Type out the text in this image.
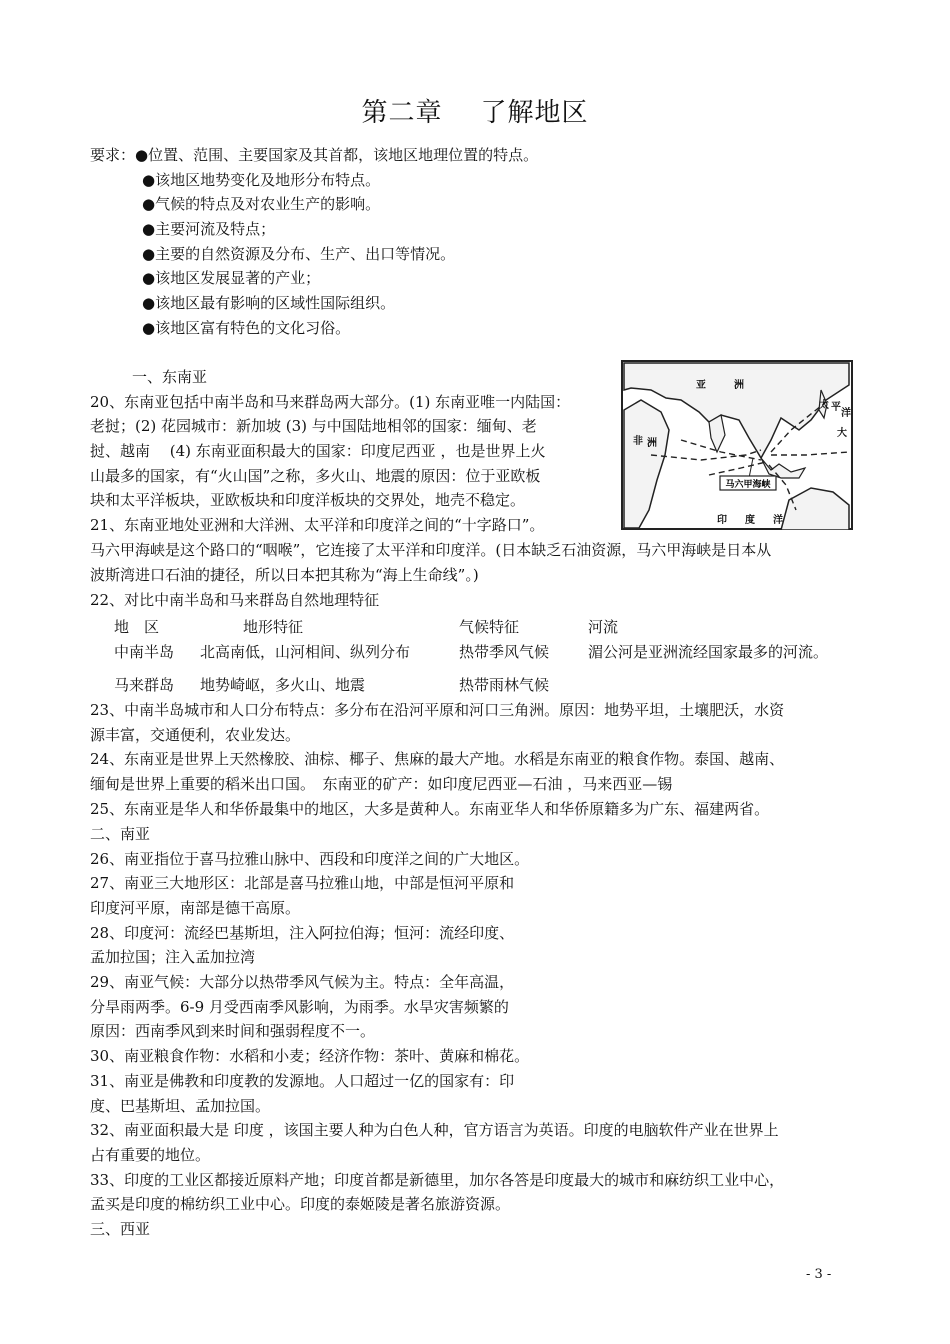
第二章 了解地区
要求：●位置、范围、主要国家及其首都，该地区地理位置的特点。
●该地区地势变化及地形分布特点。
●气候的特点及对农业生产的影响。
●主要河流及特点；
●主要的自然资源及分布、生产、出口等情况。
●该地区发展显著的产业；
●该地区最有影响的区域性国际组织。
●该地区富有特色的文化习俗。
一、东南亚
20、东南亚包括中南半岛和马来群岛两大部分。(1) 东南亚唯一内陆国：
老挝；(2) 花园城市：新加坡 (3) 与中国陆地相邻的国家：缅甸、老
挝、越南 　(4) 东南亚面积最大的国家：印度尼西亚 ，也是世界上火
山最多的国家，有“火山国”之称，多火山、地震的原因：位于亚欧板
块和太平洋板块，亚欧板块和印度洋板块的交界处，地壳不稳定。
21、东南亚地处亚洲和大洋洲、太平洋和印度洋之间的“十字路口”。
马六甲海峡是这个路口的“咽喉”，它连接了太平洋和印度洋。(日本缺乏石油资源，马六甲海峡是日本从
波斯湾进口石油的捷径，所以日本把其称为“海上生命线”。)
22、对比中南半岛和马来群岛自然地理特征
地　区	地形特征	气候特征	河流
中南半岛 北高南低，山河相间、纵列分布	热带季风气候	湄公河是亚洲流经国家最多的河流。
马来群岛 地势崎岖，多火山、地震	热带雨林气候
23、中南半岛城市和人口分布特点：多分布在沿河平原和河口三角洲。原因：地势平坦，土壤肥沃，水资
源丰富，交通便利，农业发达。
24、东南亚是世界上天然橡胶、油棕、椰子、焦麻的最大产地。水稻是东南亚的粮食作物。泰国、越南、
缅甸是世界上重要的稻米出口国。　东南亚的矿产：如印度尼西亚—石油 ，马来西亚—锡
25、东南亚是华人和华侨最集中的地区，大多是黄种人。东南亚华人和华侨原籍多为广东、福建两省。
二、南亚
26、南亚指位于喜马拉雅山脉中、西段和印度洋之间的广大地区。
27、南亚三大地形区：北部是喜马拉雅山地，中部是恒河平原和
印度河平原，南部是德干高原。
28、印度河：流经巴基斯坦，注入阿拉伯海；恒河：流经印度、
孟加拉国；注入孟加拉湾
29、南亚气候：大部分以热带季风气候为主。特点：全年高温，
分旱雨两季。6-9 月受西南季风影响，为雨季。水旱灾害频繁的
原因：西南季风到来时间和强弱程度不一。
30、南亚粮食作物：水稻和小麦；经济作物：茶叶、黄麻和棉花。
31、南亚是佛教和印度教的发源地。人口超过一亿的国家有：印
度、巴基斯坦、孟加拉国。
32、南亚面积最大是 印度 ，该国主要人种为白色人种，官方语言为英语。印度的电脑软件产业在世界上
占有重要的地位。
33、印度的工业区都接近原料产地；印度首都是新德里，加尔各答是印度最大的城市和麻纺织工业中心，
孟买是印度的棉纺织工业中心。印度的泰姬陵是著名旅游资源。
三、西亚
- 3 -
马六甲海峡
亚	洲
非 洲
太 平
洋
大
印 度 洋
